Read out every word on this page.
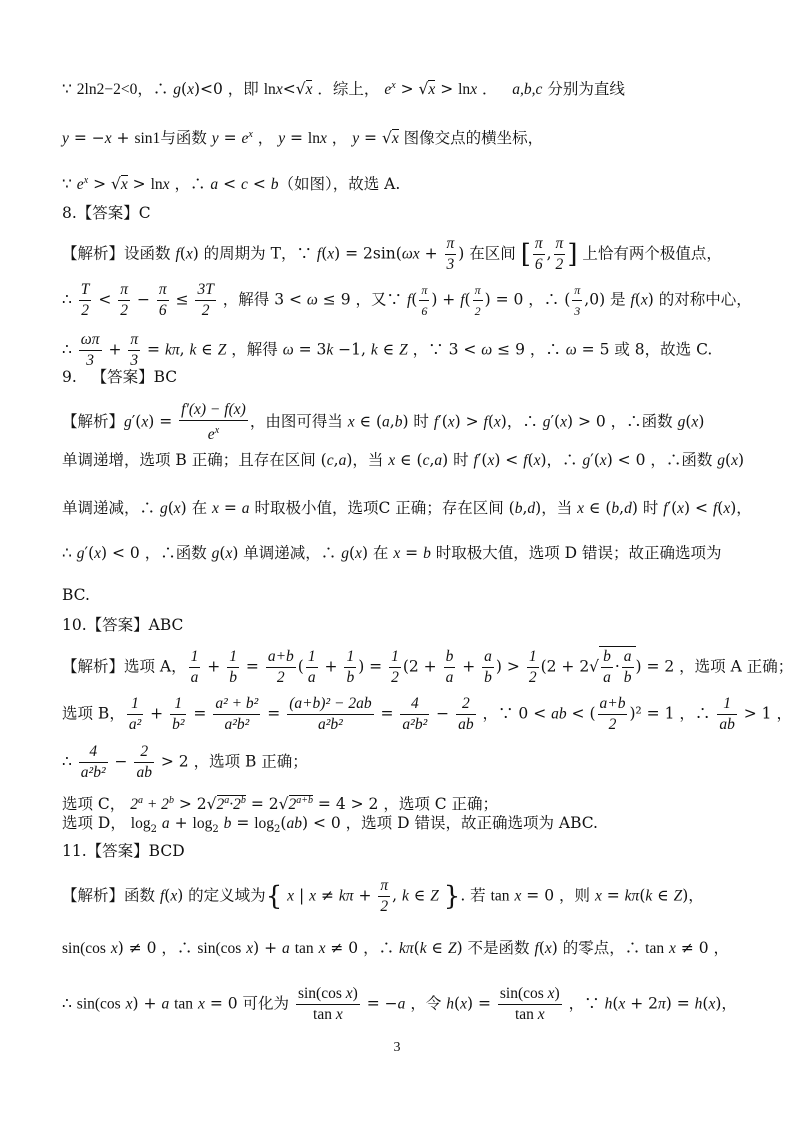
∵ 2ln2−2<0，∴ g(x)<0 ，即 lnx<√x ．综上， $e^x > √x > \ln x$ ．   a,b,c 分别为直线
y = −x + sin1与函数 $y = e^x$ ， y = lnx ， y = √x 图像交点的横坐标，
∵ $e^x > √x > \ln x$ ，∴ a < c < b（如图），故选 A.
8.【答案】C
【解析】设函数 f(x) 的周期为 T，∵ $f(x) = 2\sin(\omega x + \frac{\pi}{3}$ ) 在区间 [ $\frac{\pi}{6}$ , $\frac{\pi}{2}$ ] 上恰有两个极值点，
∴ $\frac{T}{2} < \frac{\pi}{2} - \frac{\pi}{6} \le \frac{3T}{2}$ ，解得 3 < ω ≤ 9 ，又∵ $f( \frac{\pi}{6}$ ) + $f( \frac{\pi}{2}$ ) = 0 ，∴ ( $\frac{\pi}{3} ,0$) 是 f(x) 的对称中心，
∴ $\frac{\omega\pi}{3} + \frac{\pi}{3} = k\pi$, k ∈ Z ，解得 ω = 3k −1, k ∈ Z ，∵ 3 < ω ≤ 9 ，∴ ω = 5 或 8，故选 C.
9.   【答案】BC
【解析】$g'(x) = \frac{f'(x) - f(x)}{e^x}$ ，由图可得当 x ∈ (a,b) 时 f′(x) > f(x)，∴ g′(x) > 0 ，∴函数 g(x)
单调递增，选项 B 正确；且存在区间 (c,a)，当 x ∈ (c,a) 时 f′(x) < f(x)，∴ g′(x) < 0 ，∴函数 g(x)
单调递减，∴ g(x) 在 x = a 时取极小值，选项C 正确；存在区间 (b,d)，当 x ∈ (b,d) 时 f′(x) < f(x)，
∴ g′(x) < 0 ，∴函数 g(x) 单调递减，∴ g(x) 在 x = b 时取极大值，选项 D 错误；故正确选项为
BC.
10.【答案】ABC
【解析】选项 A， $\frac{1}{a} + \frac{1}{b} = \frac{a+b}{2}$ ( $\frac{1}{a} + \frac{1}{b}$ ) = $\frac{1}{2} (2 + \frac{b}{a} + \frac{a}{b}$ ) > $\frac{1}{2} (2 + 2√ \frac{b}{a} \cdot \frac{a}{b}$ ) = 2 ，选项 A 正确；
选项 B， $\frac{1}{\text{a²}} + \frac{1}{\text{b²}} = \frac{\text{a² + b²}}{\text{a²b²}} = \frac{\text{(a+b)² − 2ab}}{\text{a²b²}} = \frac{4}{\text{a²b²}} - \frac{2}{ab}$ ，∵ 0 < ab < ( $\frac{a+b}{2} )^2 = 1$ ，∴ $\frac{1}{ab} > 1$ ，
∴ $\frac{4}{\text{a²b²}} - \frac{2}{ab} > 2$ ，选项 B 正确；
选项 C， $2^a + 2^b > 2√2^a\cdot 2^b = 2√2^{a+b} = 4 > 2$ ，选项 C 正确；
选项 D， $\log_2 a + \log_2 b = \log_2(ab) < 0$ ，选项 D 错误，故正确选项为 ABC.
11.【答案】BCD
【解析】函数 f(x) 的定义域为{ x | $x \ne k\pi + \frac{\pi}{2}$ , k ∈ Z }. 若 tan x = 0 ，则 x = kπ(k ∈ Z)，
sin(cos x) ≠ 0 ，∴ sin(cos x) + a tan x ≠ 0 ，∴ kπ(k ∈ Z) 不是函数 f(x) 的零点，∴ tan x ≠ 0 ，
∴ sin(cos x) + a tan x = 0 可化为 $\frac{\text{sin(cos x)}}{\text{tan x}} = -a$ ，令 $h(x) = \frac{\text{sin(cos x)}}{\text{tan x}}$ ，∵ h(x + 2π) = h(x)，
3
